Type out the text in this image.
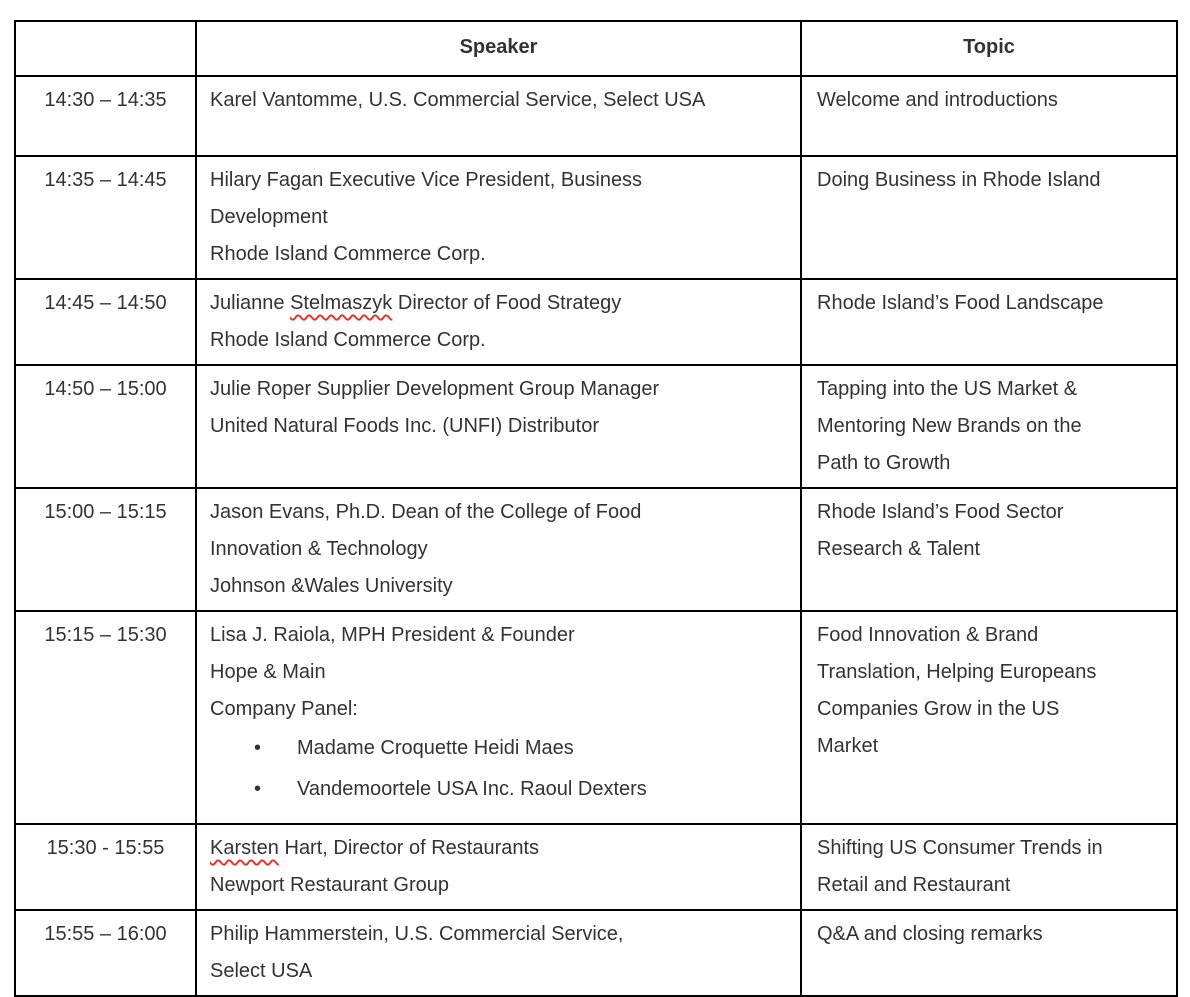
	Speaker	Topic
14:30 – 14:35	Karel Vantomme, U.S. Commercial Service, Select USA	Welcome and introductions

14:35 – 14:45	Hilary Fagan Executive Vice President, Business
Development
Rhode Island Commerce Corp.	Doing Business in Rhode Island

14:45 – 14:50	Julianne Stelmaszyk Director of Food Strategy
Rhode Island Commerce Corp.	Rhode Island’s Food Landscape

14:50 – 15:00	Julie Roper Supplier Development Group Manager
United Natural Foods Inc. (UNFI) Distributor	Tapping into the US Market &
Mentoring New Brands on the
Path to Growth

15:00 – 15:15	Jason Evans, Ph.D. Dean of the College of Food
Innovation & Technology
Johnson &Wales University	Rhode Island’s Food Sector
Research & Talent

15:15 – 15:30	Lisa J. Raiola, MPH President & Founder
Hope & Main
Company Panel:
• Madame Croquette Heidi Maes
• Vandemoortele USA Inc. Raoul Dexters	Food Innovation & Brand
Translation, Helping Europeans
Companies Grow in the US
Market

15:30 - 15:55	Karsten Hart, Director of Restaurants
Newport Restaurant Group	Shifting US Consumer Trends in
Retail and Restaurant

15:55 – 16:00	Philip Hammerstein, U.S. Commercial Service,
Select USA	Q&A and closing remarks
